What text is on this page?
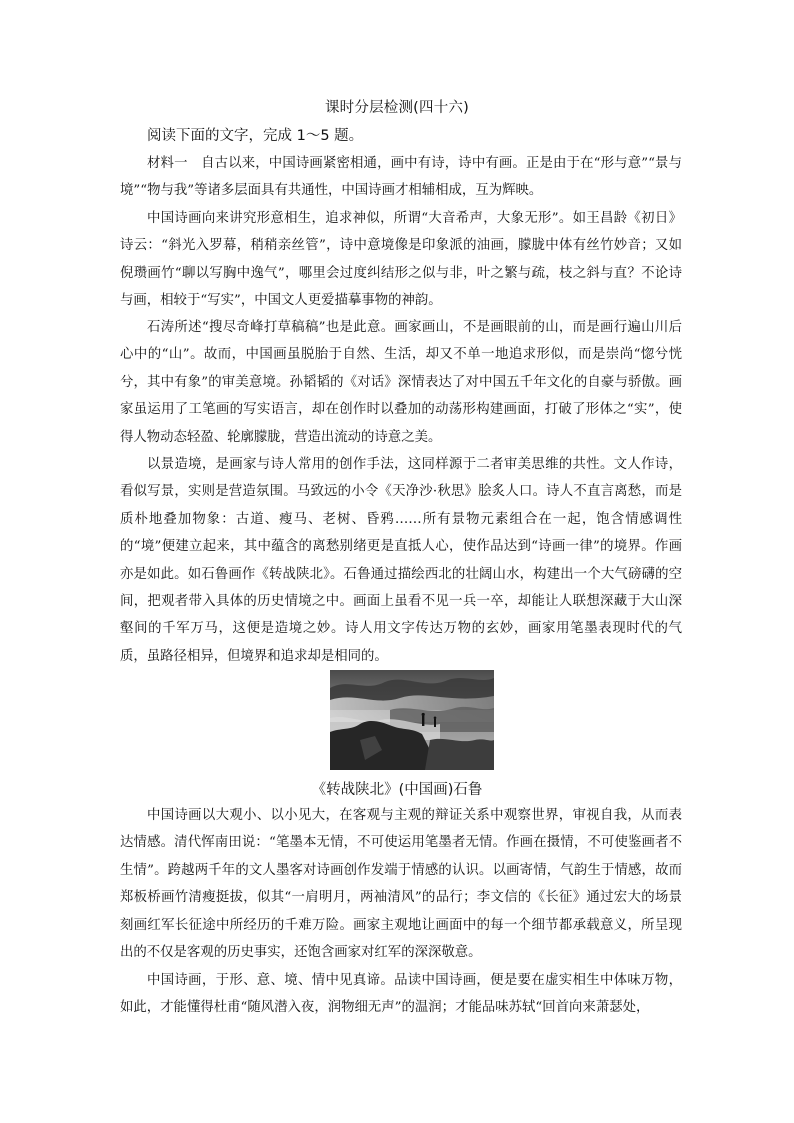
课时分层检测(四十六)
阅读下面的文字，完成 1～5 题。

材料一　自古以来，中国诗画紧密相通，画中有诗，诗中有画。正是由于在“形与意”“景与境”“物与我”等诸多层面具有共通性，中国诗画才相辅相成，互为辉映。

中国诗画向来讲究形意相生，追求神似，所谓“大音希声，大象无形”。如王昌龄《初日》诗云：“斜光入罗幕，稍稍亲丝管”，诗中意境像是印象派的油画，朦胧中体有丝竹妙音；又如倪瓒画竹“聊以写胸中逸气”，哪里会过度纠结形之似与非，叶之繁与疏，枝之斜与直？不论诗与画，相较于“写实”，中国文人更爱描摹事物的神韵。

石涛所述“搜尽奇峰打草稿稿”也是此意。画家画山，不是画眼前的山，而是画行遍山川后心中的“山”。故而，中国画虽脱胎于自然、生活，却又不单一地追求形似，而是崇尚“惚兮恍兮，其中有象”的审美意境。孙韬韬的《对话》深情表达了对中国五千年文化的自豪与骄傲。画家虽运用了工笔画的写实语言，却在创作时以叠加的动荡形构建画面，打破了形体之“实”，使得人物动态轻盈、轮廓朦胧，营造出流动的诗意之美。

以景造境，是画家与诗人常用的创作手法，这同样源于二者审美思维的共性。文人作诗，看似写景，实则是营造氛围。马致远的小令《天净沙·秋思》脍炙人口。诗人不直言离愁，而是质朴地叠加物象：古道、瘦马、老树、昏鸦……所有景物元素组合在一起，饱含情感调性的“境”便建立起来，其中蕴含的离愁别绪更是直抵人心，使作品达到“诗画一律”的境界。作画亦是如此。如石鲁画作《转战陕北》。石鲁通过描绘西北的壮阔山水，构建出一个大气磅礴的空间，把观者带入具体的历史情境之中。画面上虽看不见一兵一卒，却能让人联想深藏于大山深壑间的千军万马，这便是造境之妙。诗人用文字传达万物的玄妙，画家用笔墨表现时代的气质，虽路径相异，但境界和追求却是相同的。

《转战陕北》(中国画)石鲁

中国诗画以大观小、以小见大，在客观与主观的辩证关系中观察世界，审视自我，从而表达情感。清代恽南田说：“笔墨本无情，不可使运用笔墨者无情。作画在摄情，不可使鉴画者不生情”。跨越两千年的文人墨客对诗画创作发端于情感的认识。以画寄情，气韵生于情感，故而郑板桥画竹清瘦挺拔，似其“一肩明月，两袖清风”的品行；李文信的《长征》通过宏大的场景刻画红军长征途中所经历的千难万险。画家主观地让画面中的每一个细节都承载意义，所呈现出的不仅是客观的历史事实，还饱含画家对红军的深深敬意。

中国诗画，于形、意、境、情中见真谛。品读中国诗画，便是要在虚实相生中体味万物，如此，才能懂得杜甫“随风潜入夜，润物细无声”的温润；才能品味苏轼“回首向来萧瑟处，
